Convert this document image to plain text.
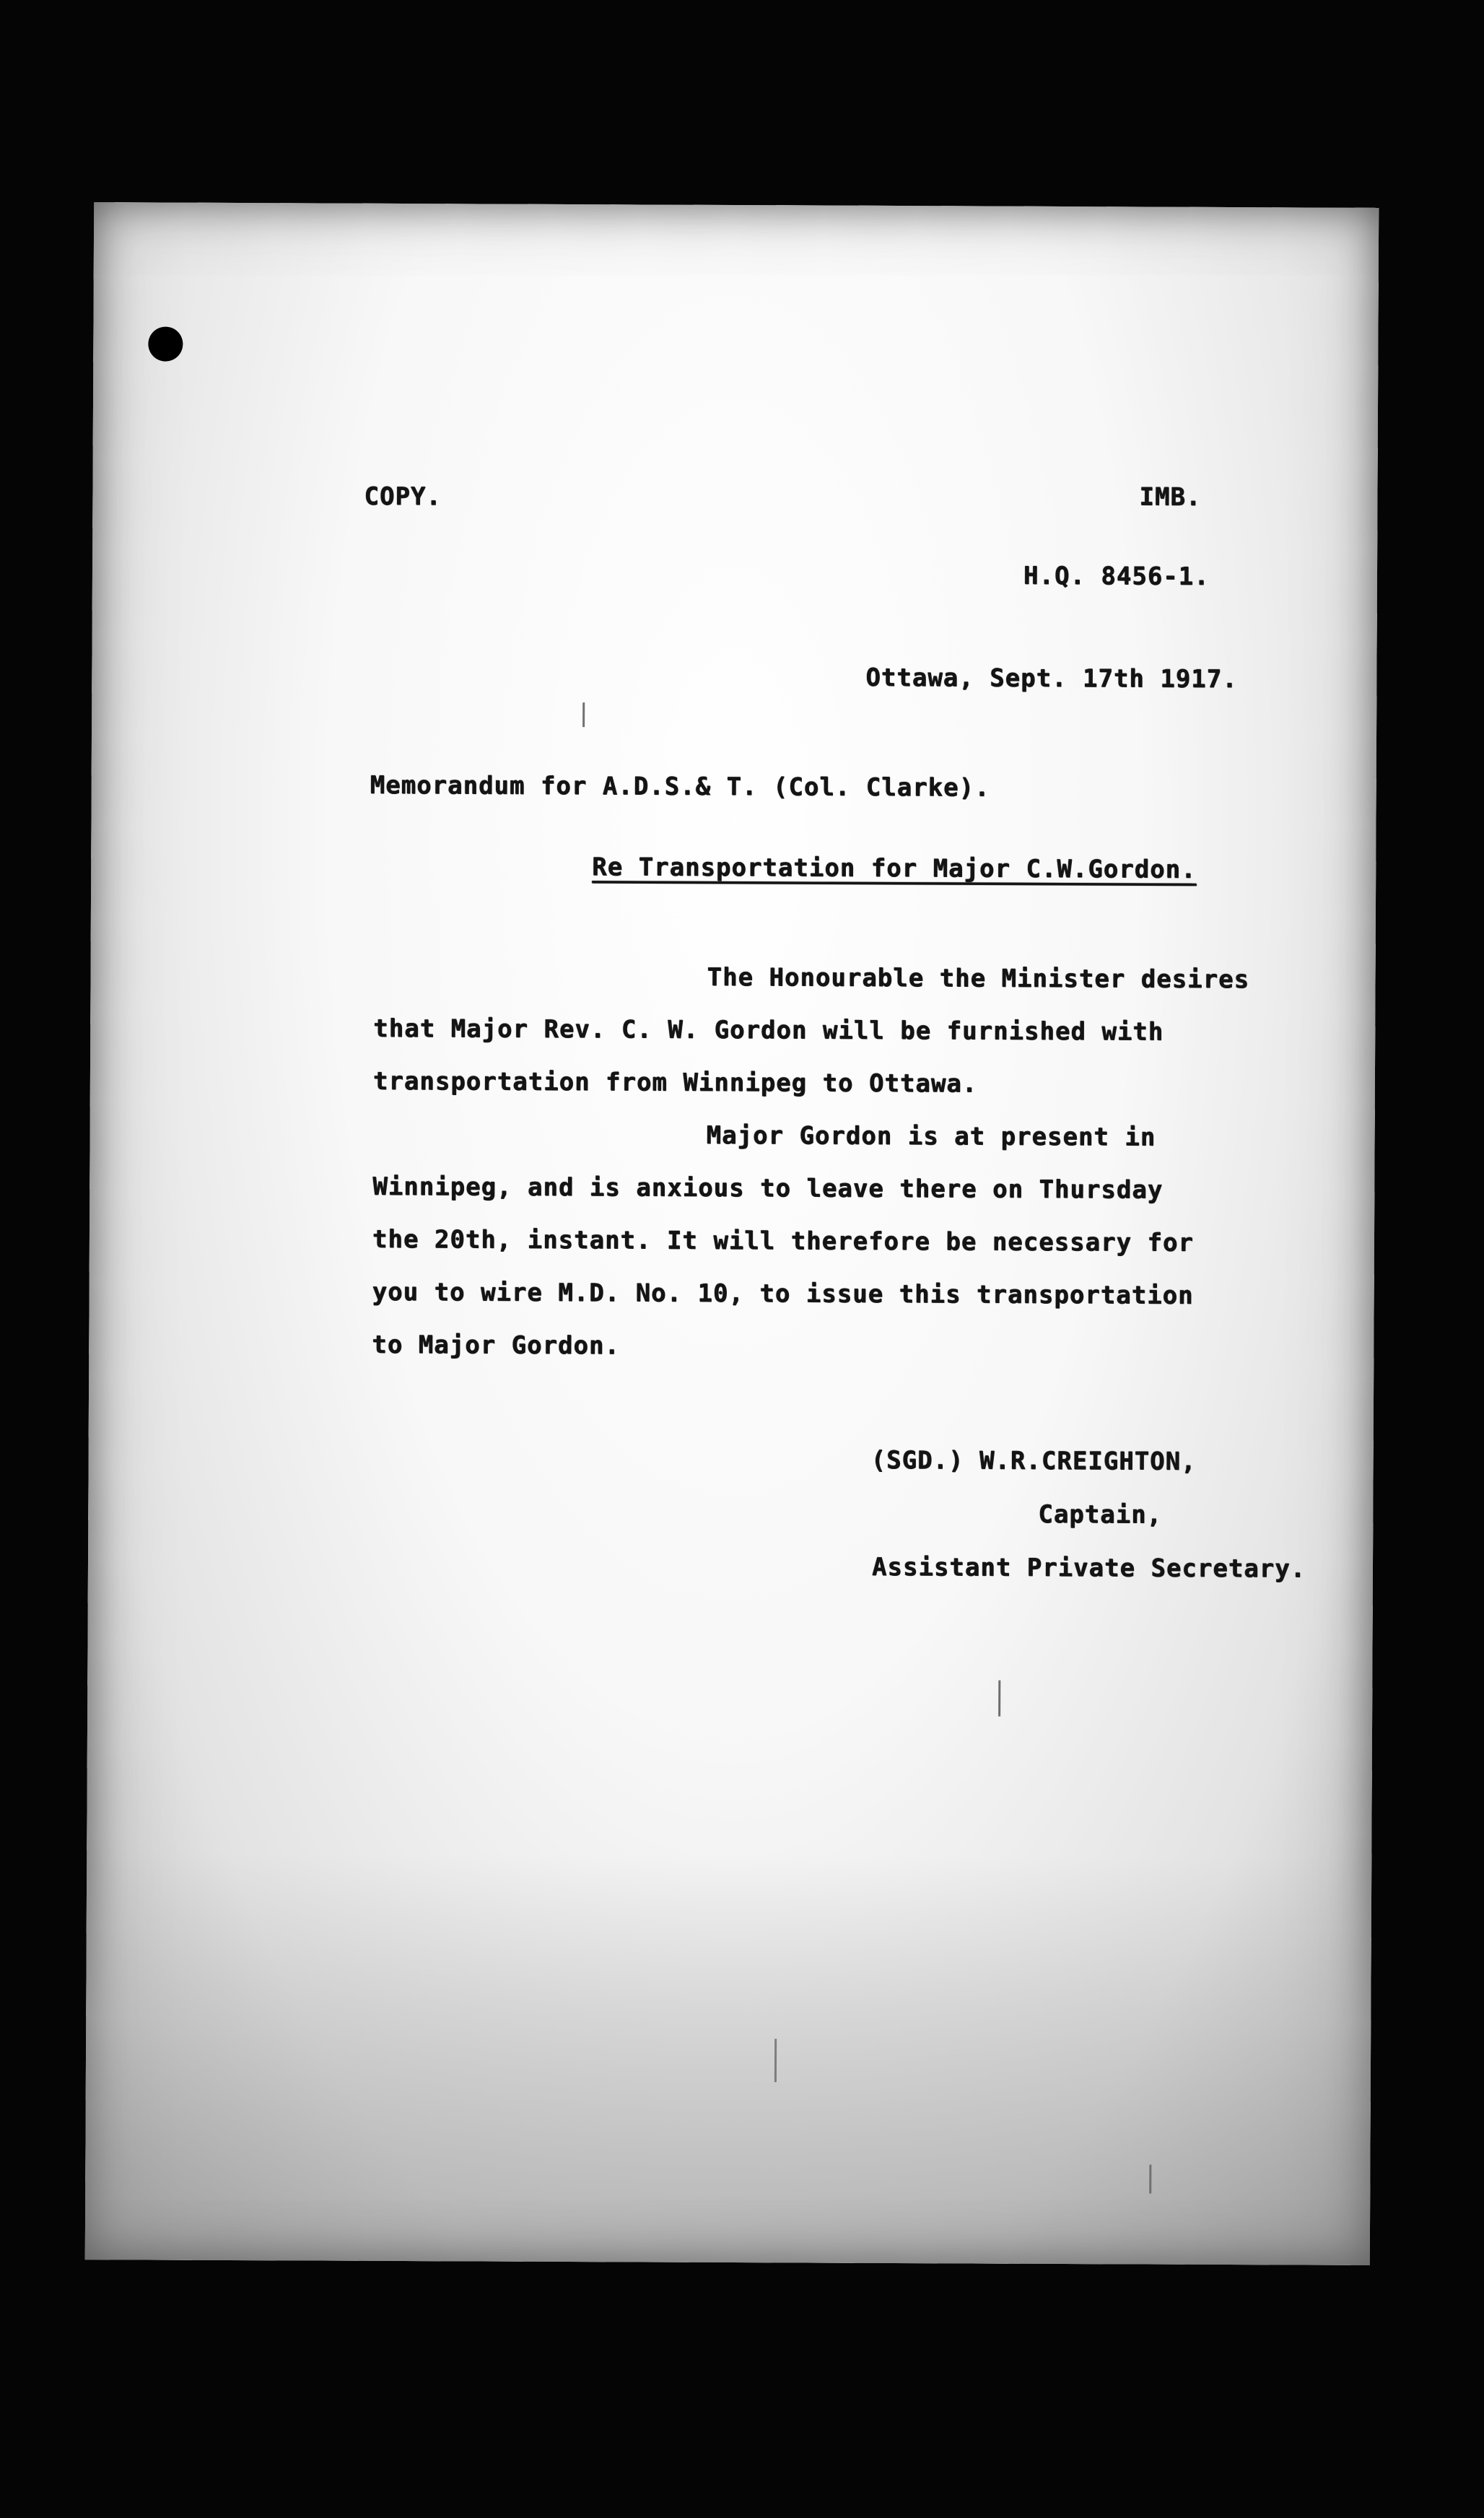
COPY.	IMB.
H.Q. 8456-1.
Ottawa, Sept. 17th 1917.
Memorandum for A.D.S.& T. (Col. Clarke).
Re Transportation for Major C.W.Gordon.
The Honourable the Minister desires
that Major Rev. C. W. Gordon will be furnished with
transportation from Winnipeg to Ottawa.
Major Gordon is at present in
Winnipeg, and is anxious to leave there on Thursday
the 20th, instant. It will therefore be necessary for
you to wire M.D. No. 10, to issue this transportation
to Major Gordon.
(SGD.) W.R.CREIGHTON,
Captain,
Assistant Private Secretary.
